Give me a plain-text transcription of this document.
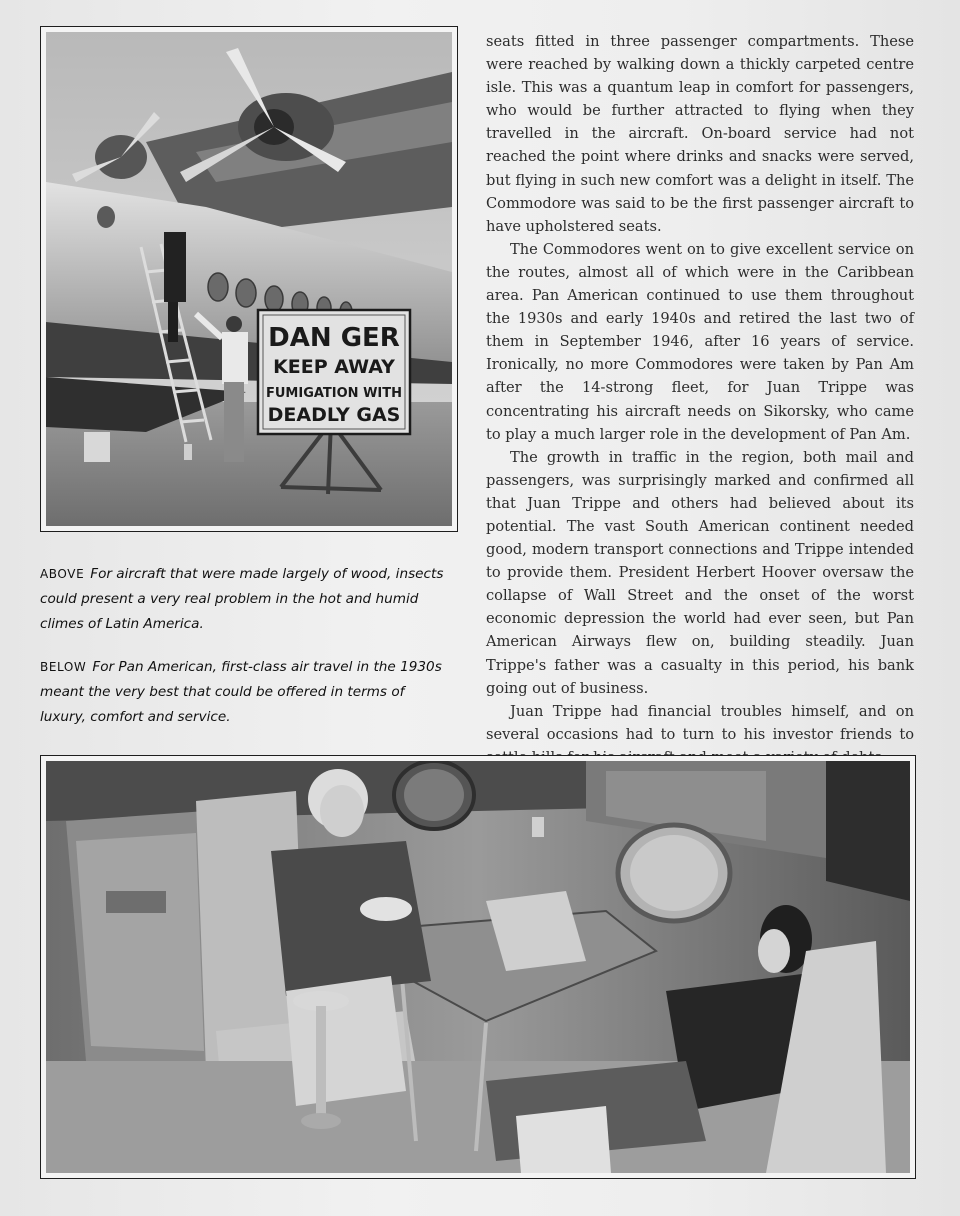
DAN GER
KEEP AWAY
FUMIGATION WITH
DEADLY GAS

ABOVE For aircraft that were made largely of wood, insects could present a very real problem in the hot and humid climes of Latin America.

BELOW For Pan American, first-class air travel in the 1930s meant the very best that could be offered in terms of luxury, comfort and service.

seats fitted in three passenger compartments. These were reached by walking down a thickly carpeted centre isle. This was a quantum leap in comfort for passengers, who would be further attracted to flying when they travelled in the aircraft. On-board service had not reached the point where drinks and snacks were served, but flying in such new comfort was a delight in itself. The Commodore was said to be the first passenger aircraft to have upholstered seats.

The Commodores went on to give excellent service on the routes, almost all of which were in the Caribbean area. Pan American continued to use them throughout the 1930s and early 1940s and retired the last two of them in September 1946, after 16 years of service. Ironically, no more Commodores were taken by Pan Am after the 14-strong fleet, for Juan Trippe was concentrating his aircraft needs on Sikorsky, who came to play a much larger role in the development of Pan Am.

The growth in traffic in the region, both mail and passengers, was surprisingly marked and confirmed all that Juan Trippe and others had believed about its potential. The vast South American continent needed good, modern transport connections and Trippe intended to provide them. President Herbert Hoover oversaw the collapse of Wall Street and the onset of the worst economic depression the world had ever seen, but Pan American Airways flew on, building steadily. Juan Trippe's father was a casualty in this period, his bank going out of business.

Juan Trippe had financial troubles himself, and on several occasions had to turn to his investor friends to
